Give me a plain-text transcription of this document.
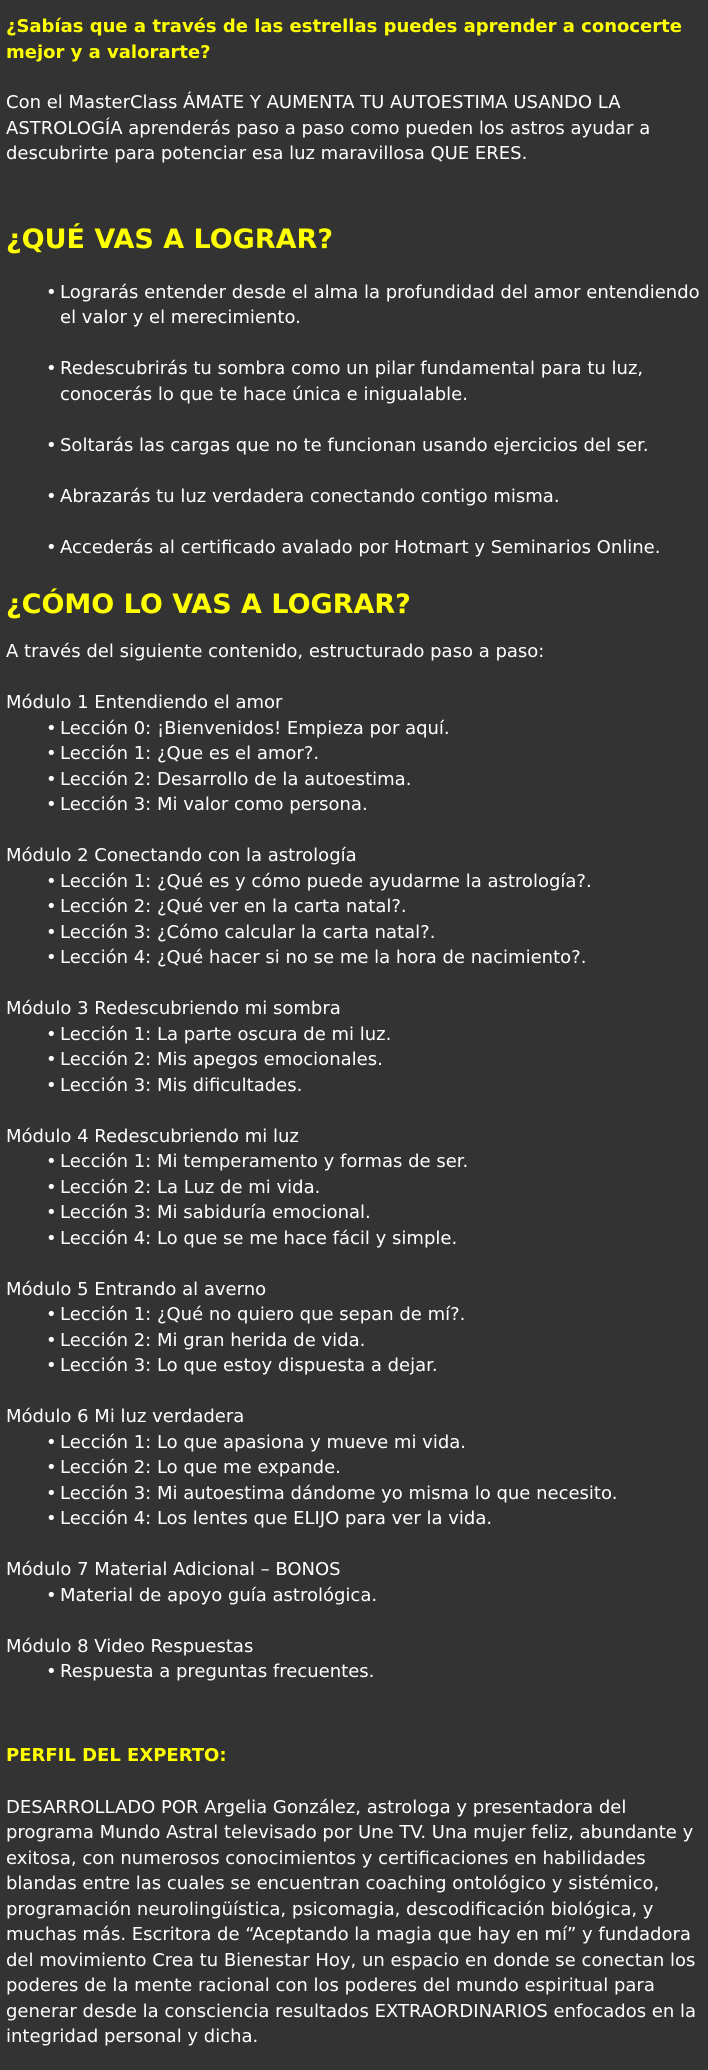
¿Sabías que a través de las estrellas puedes aprender a conocerte mejor y a valorarte?

Con el MasterClass ÁMATE Y AUMENTA TU AUTOESTIMA USANDO LA ASTROLOGÍA aprenderás paso a paso como pueden los astros ayudar a descubrirte para potenciar esa luz maravillosa QUE ERES.

¿QUÉ VAS A LOGRAR?
• Lograrás entender desde el alma la profundidad del amor entendiendo el valor y el merecimiento.
• Redescubrirás tu sombra como un pilar fundamental para tu luz, conocerás lo que te hace única e inigualable.
• Soltarás las cargas que no te funcionan usando ejercicios del ser.
• Abrazarás tu luz verdadera conectando contigo misma.
• Accederás al certificado avalado por Hotmart y Seminarios Online.
¿CÓMO LO VAS A LOGRAR?

A través del siguiente contenido, estructurado paso a paso:

Módulo 1 Entendiendo el amor
• Lección 0: ¡Bienvenidos! Empieza por aquí.
• Lección 1: ¿Que es el amor?.
• Lección 2: Desarrollo de la autoestima.
• Lección 3: Mi valor como persona.
Módulo 2 Conectando con la astrología
• Lección 1: ¿Qué es y cómo puede ayudarme la astrología?.
• Lección 2: ¿Qué ver en la carta natal?.
• Lección 3: ¿Cómo calcular la carta natal?.
• Lección 4: ¿Qué hacer si no se me la hora de nacimiento?.
Módulo 3 Redescubriendo mi sombra
• Lección 1: La parte oscura de mi luz.
• Lección 2: Mis apegos emocionales.
• Lección 3: Mis dificultades.
Módulo 4 Redescubriendo mi luz
• Lección 1: Mi temperamento y formas de ser.
• Lección 2: La Luz de mi vida.
• Lección 3: Mi sabiduría emocional.
• Lección 4: Lo que se me hace fácil y simple.
Módulo 5 Entrando al averno
• Lección 1: ¿Qué no quiero que sepan de mí?.
• Lección 2: Mi gran herida de vida.
• Lección 3: Lo que estoy dispuesta a dejar.
Módulo 6 Mi luz verdadera
• Lección 1: Lo que apasiona y mueve mi vida.
• Lección 2: Lo que me expande.
• Lección 3: Mi autoestima dándome yo misma lo que necesito.
• Lección 4: Los lentes que ELIJO para ver la vida.
Módulo 7 Material Adicional – BONOS
• Material de apoyo guía astrológica.
Módulo 8 Video Respuestas
• Respuesta a preguntas frecuentes.

PERFIL DEL EXPERTO:

DESARROLLADO POR Argelia González, astrologa y presentadora del programa Mundo Astral televisado por Une TV. Una mujer feliz, abundante y exitosa, con numerosos conocimientos y certificaciones en habilidades blandas entre las cuales se encuentran coaching ontológico y sistémico, programación neurolingüística, psicomagia, descodificación biológica, y muchas más. Escritora de “Aceptando la magia que hay en mí” y fundadora del movimiento Crea tu Bienestar Hoy, un espacio en donde se conectan los poderes de la mente racional con los poderes del mundo espiritual para generar desde la consciencia resultados EXTRAORDINARIOS enfocados en la integridad personal y dicha.
